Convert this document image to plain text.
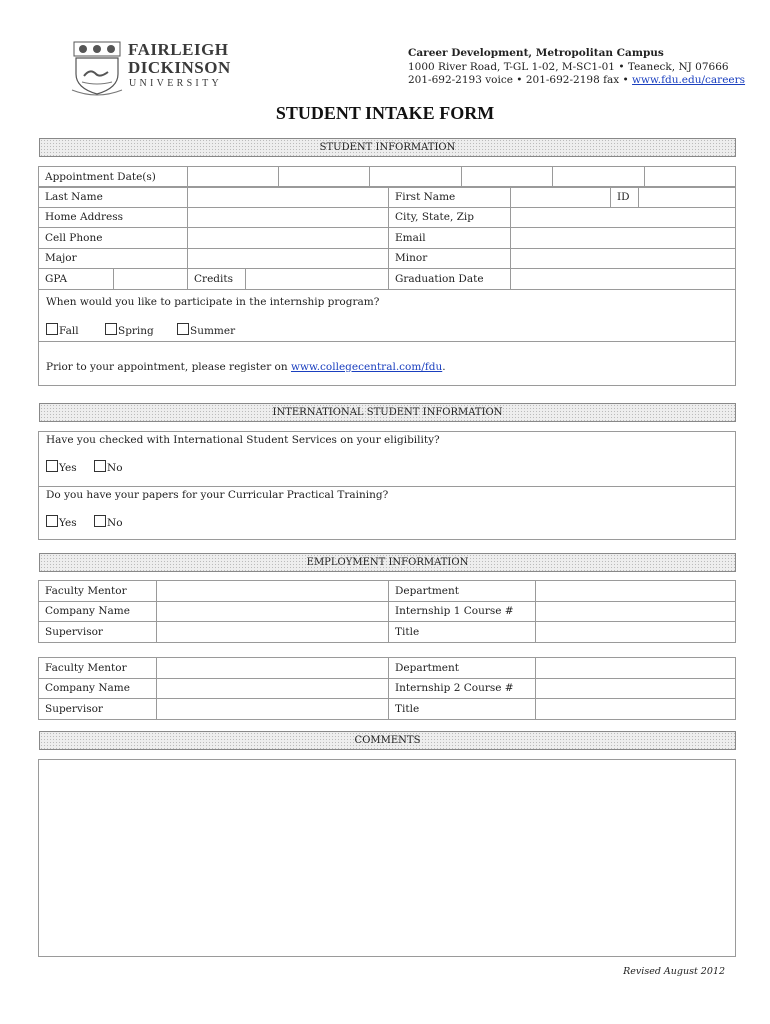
FAIRLEIGH
DICKINSON
UNIVERSITY
Career Development, Metropolitan Campus
1000 River Road, T-GL 1-02, M-SC1-01 • Teaneck, NJ 07666
201-692-2193 voice • 201-692-2198 fax • www.fdu.edu/careers
STUDENT INTAKE FORM
STUDENT INFORMATION
Appointment Date(s)						
Last Name				First Name		ID	
Home Address				City, State, Zip			
Cell Phone				Email			
Major				Minor			
GPA		Credits		Graduation Date			
When would you like to participate in the internship program?
Fall	Spring	Summer
Prior to your appointment, please register on www.collegecentral.com/fdu.
INTERNATIONAL STUDENT INFORMATION
Have you checked with International Student Services on your eligibility?
Yes	No
Do you have your papers for your Curricular Practical Training?
Yes	No
EMPLOYMENT INFORMATION
Faculty Mentor		Department	
Company Name		Internship 1 Course #	
Supervisor		Title	
Faculty Mentor		Department	
Company Name		Internship 2 Course #	
Supervisor		Title	
COMMENTS
Revised August 2012
